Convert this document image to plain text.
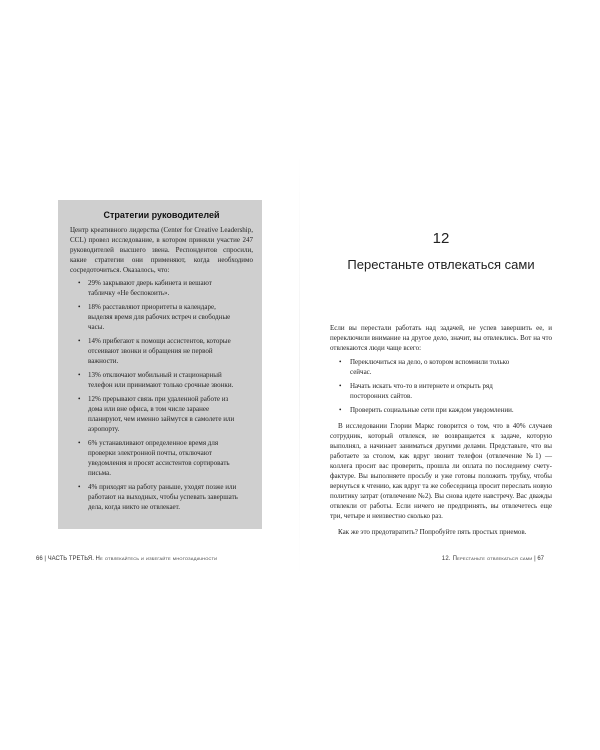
Стратегии руководителей

Центр креативного лидерства (Center for Creative Leadership, CCL) провел исследование, в котором приняли участие 247 руководителей высшего звена. Респондентов спросили, какие стратегии они применяют, когда необходимо сосредоточиться. Оказалось, что:

• 29% закрывают дверь кабинета и вешают табличку «Не беспокоить».
• 18% расставляют приоритеты в календаре, выделяя время для рабочих встреч и свободные часы.
• 14% прибегают к помощи ассистентов, которые отсеивают звонки и обращения не первой важности.
• 13% отключают мобильный и стационарный телефон или принимают только срочные звонки.
• 12% прерывают связь при удаленной работе из дома или вне офиса, в том числе заранее планируют, чем именно займутся в самолете или аэропорту.
• 6% устанавливают определенное время для проверки электронной почты, отключают уведомления и просят ассистентов сортировать письма.
• 4% приходят на работу раньше, уходят позже или работают на выходных, чтобы успевать завершать дела, когда никто не отвлекает.
66 | ЧАСТЬ ТРЕТЬЯ. Не отвлекайтесь и избегайте многозадачности

12

Перестаньте отвлекаться сами

Если вы перестали работать над задачей, не успев завершить ее, и переключили внимание на другое дело, значит, вы отвлеклись. Вот на что отвлекаются люди чаще всего:

• Переключиться на дело, о котором вспомнили только сейчас.
• Начать искать что-то в интернете и открыть ряд посторонних сайтов.
• Проверить социальные сети при каждом уведомлении.

В исследовании Глории Маркс говорится о том, что в 40% случаев сотрудник, который отвлекся, не возвращается к задаче, которую выполнял, а начинает заниматься другими делами. Представьте, что вы работаете за столом, как вдруг звонит телефон (отвлечение №1) — коллега просит вас проверить, прошла ли оплата по последнему счету-фактуре. Вы выполняете просьбу и уже готовы положить трубку, чтобы вернуться к чтению, как вдруг та же собеседница просит переслать новую политику затрат (отвлечение №2). Вы снова идете навстречу. Вас дважды отвлекли от работы. Если ничего не предпринять, вы отвлечетесь еще три, четыре и неизвестно сколько раз.

Как же это предотвратить? Попробуйте пять простых приемов.

12. Перестаньте отвлекаться сами | 67
